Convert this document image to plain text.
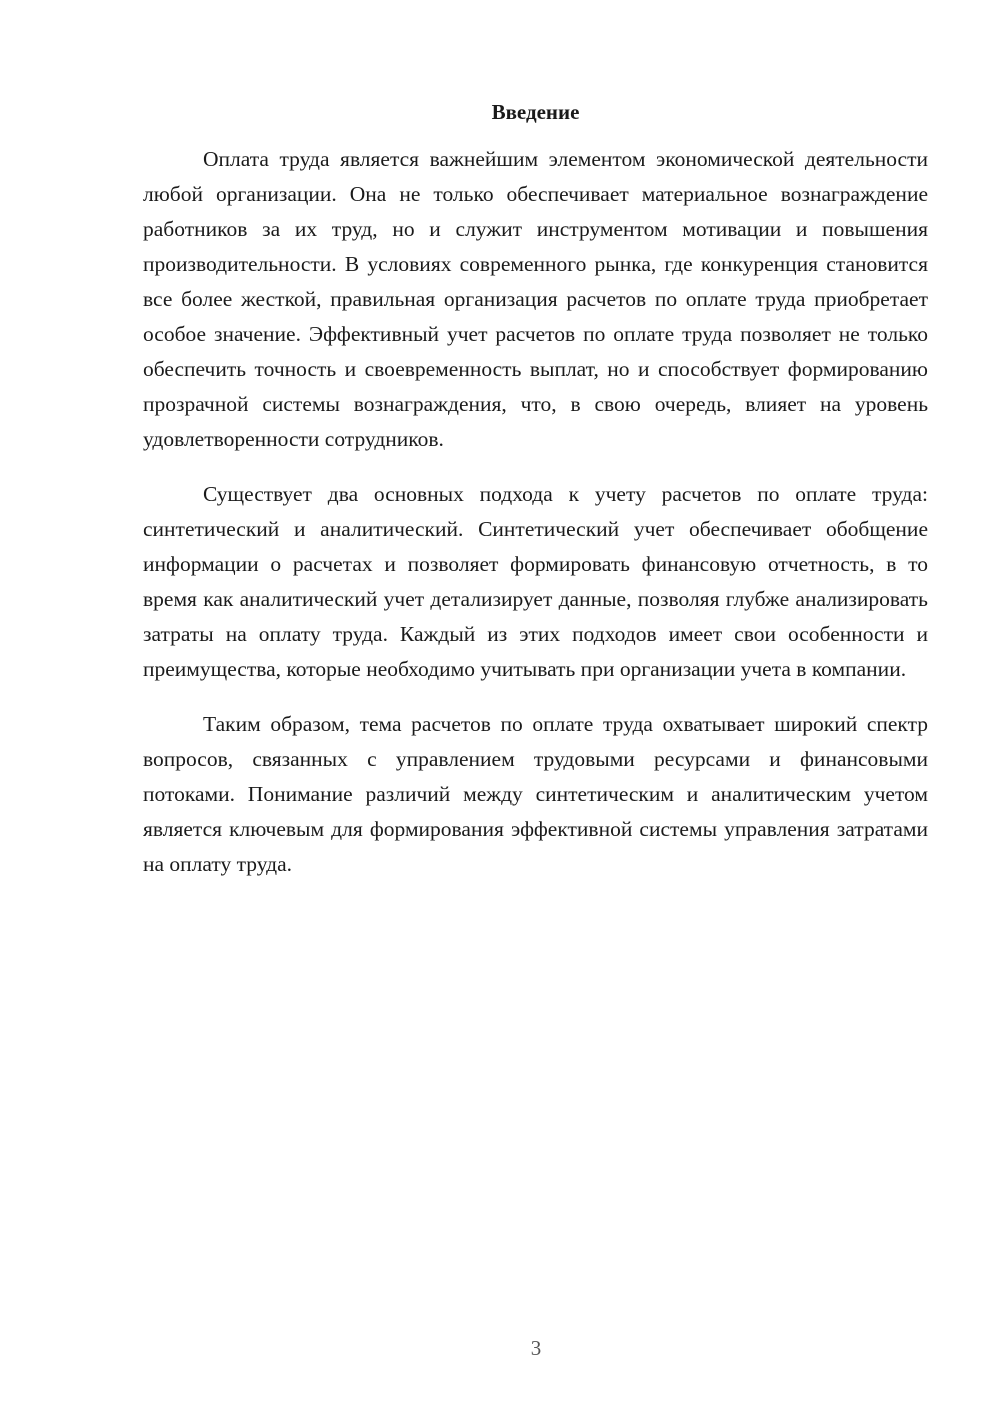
Введение

Оплата труда является важнейшим элементом экономической деятельности любой организации. Она не только обеспечивает материальное вознаграждение работников за их труд, но и служит инструментом мотивации и повышения производительности. В условиях современного рынка, где конкуренция становится все более жесткой, правильная организация расчетов по оплате труда приобретает особое значение. Эффективный учет расчетов по оплате труда позволяет не только обеспечить точность и своевременность выплат, но и способствует формированию прозрачной системы вознаграждения, что, в свою очередь, влияет на уровень удовлетворенности сотрудников.

Существует два основных подхода к учету расчетов по оплате труда: синтетический и аналитический. Синтетический учет обеспечивает обобщение информации о расчетах и позволяет формировать финансовую отчетность, в то время как аналитический учет детализирует данные, позволяя глубже анализировать затраты на оплату труда. Каждый из этих подходов имеет свои особенности и преимущества, которые необходимо учитывать при организации учета в компании.

Таким образом, тема расчетов по оплате труда охватывает широкий спектр вопросов, связанных с управлением трудовыми ресурсами и финансовыми потоками. Понимание различий между синтетическим и аналитическим учетом является ключевым для формирования эффективной системы управления затратами на оплату труда.

3
